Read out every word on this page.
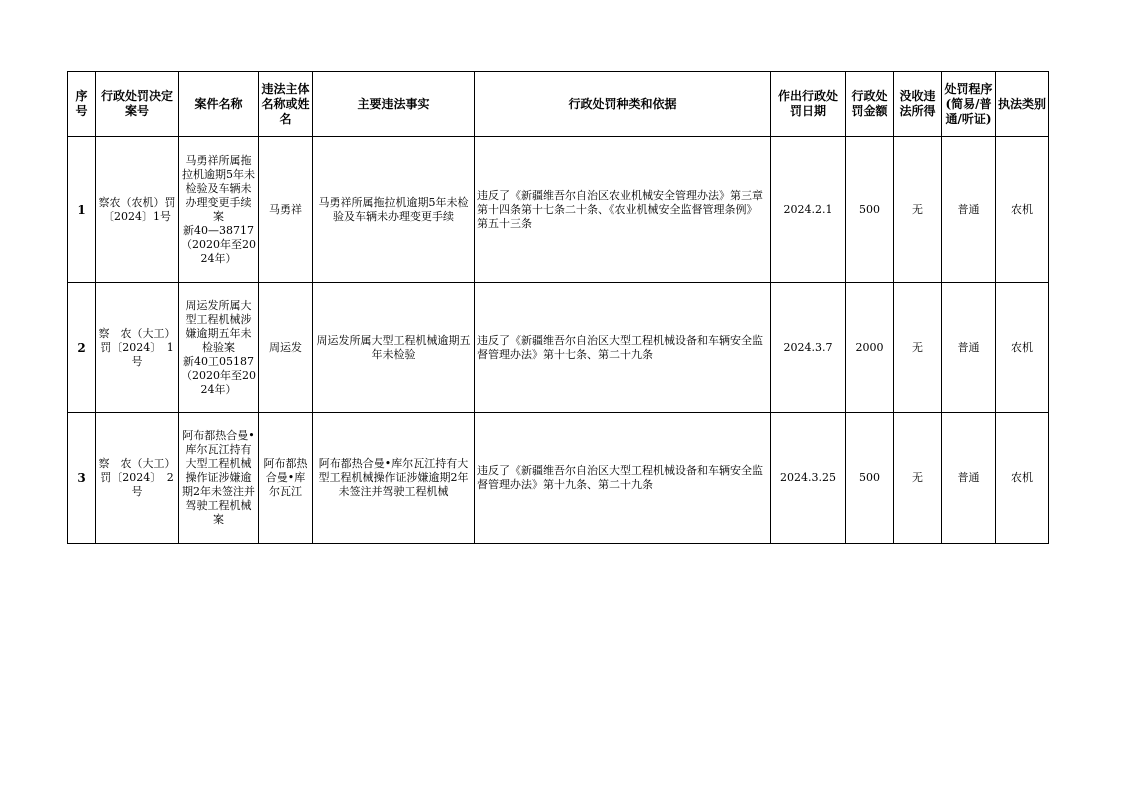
序号	行政处罚决定案号	案件名称	违法主体名称或姓名	主要违法事实	行政处罚种类和依据	作出行政处罚日期	行政处罚金额	没收违法所得	处罚程序(简易/普通/听证)	执法类别
1	察农（农机）罚〔2024〕1号	马勇祥所属拖拉机逾期5年未检验及车辆未办理变更手续案
新40—38717
（2020年至2024年）	马勇祥	马勇祥所属拖拉机逾期5年未检验及车辆未办理变更手续	违反了《新疆维吾尔自治区农业机械安全管理办法》第三章第十四条第十七条二十条、《农业机械安全监督管理条例》第五十三条	2024.2.1	500	无	普通	农机
2	察　农（大工）罚〔2024〕　1　号	周运发所属大型工程机械涉嫌逾期五年未检验案
新40工05187
（2020年至2024年）	周运发	周运发所属大型工程机械逾期五年未检验	违反了《新疆维吾尔自治区大型工程机械设备和车辆安全监督管理办法》第十七条、第二十九条	2024.3.7	2000	无	普通	农机
3	察　农（大工）罚〔2024〕　2　号	阿布都热合曼•库尔瓦江持有大型工程机械操作证涉嫌逾期2年未签注并驾驶工程机械案	阿布都热合曼•库尔瓦江	阿布都热合曼•库尔瓦江持有大型工程机械操作证涉嫌逾期2年未签注并驾驶工程机械	违反了《新疆维吾尔自治区大型工程机械设备和车辆安全监督管理办法》第十九条、第二十九条	2024.3.25	500	无	普通	农机
